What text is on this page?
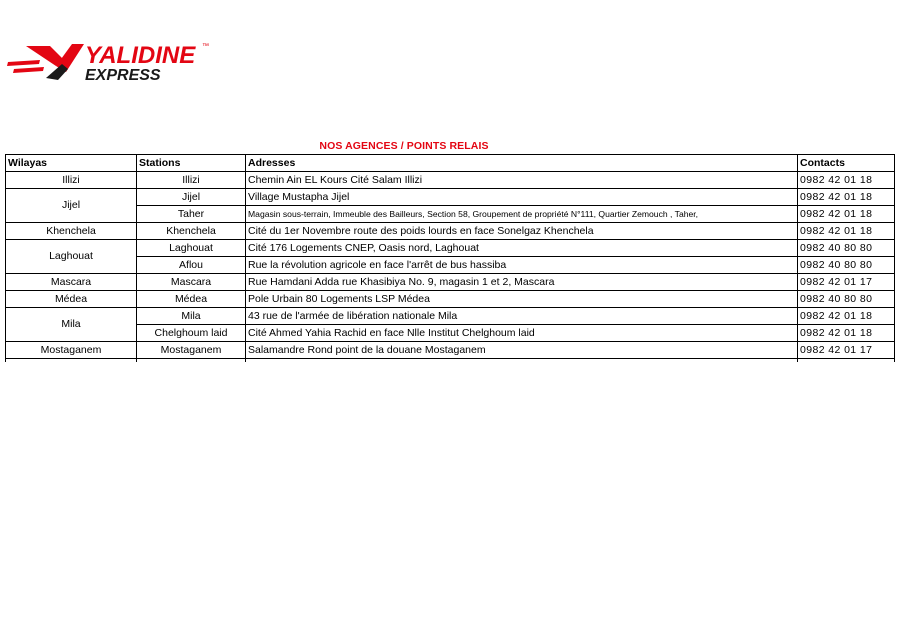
YALIDINE ™
EXPRESS
NOS AGENCES / POINTS RELAIS
Wilayas	Stations	Adresses	Contacts
Illizi	Illizi	Chemin Ain EL Kours Cité Salam Illizi	0982 42 01 18
Jijel	Jijel	Village Mustapha Jijel	0982 42 01 18
	Taher	Magasin sous-terrain, Immeuble des Bailleurs, Section 58, Groupement de propriété N°111, Quartier Zemouch , Taher,	0982 42 01 18
Khenchela	Khenchela	Cité du 1er Novembre route des poids lourds en face Sonelgaz Khenchela	0982 42 01 18
Laghouat	Laghouat	Cité 176 Logements CNEP, Oasis nord, Laghouat	0982 40 80 80
	Aflou	Rue la révolution agricole en face l'arrêt de bus hassiba	0982 40 80 80
Mascara	Mascara	Rue Hamdani Adda rue Khasibiya No. 9, magasin 1 et 2, Mascara	0982 42 01 17
Médea	Médea	Pole Urbain 80 Logements LSP Médea	0982 40 80 80
Mila	Mila	43 rue de l'armée de libération nationale Mila	0982 42 01 18
	Chelghoum laid	Cité Ahmed Yahia Rachid en face Nlle Institut Chelghoum laid	0982 42 01 18
Mostaganem	Mostaganem	Salamandre Rond point de la douane Mostaganem	0982 42 01 17
